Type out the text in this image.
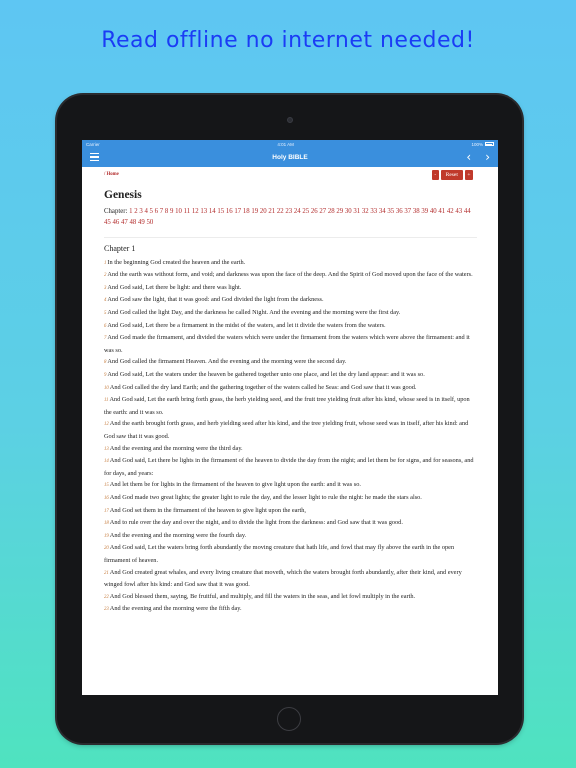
Read offline no internet needed!
Carrier	4:01 AM	100%
Holy BIBLE	‹ ›
/ Home	-	Reset	+
Genesis
Chapter: 1 2 3 4 5 6 7 8 9 10 11 12 13 14 15 16 17 18 19 20 21 22 23 24 25 26 27 28 29 30 31 32 33 34 35 36 37 38 39 40 41 42 43 44 45 46 47 48 49 50
Chapter 1
1In the beginning God created the heaven and the earth.
2And the earth was without form, and void; and darkness was upon the face of the deep. And the Spirit of God moved upon the face of the waters.
3And God said, Let there be light: and there was light.
4And God saw the light, that it was good: and God divided the light from the darkness.
5And God called the light Day, and the darkness he called Night. And the evening and the morning were the first day.
6And God said, Let there be a firmament in the midst of the waters, and let it divide the waters from the waters.
7And God made the firmament, and divided the waters which were under the firmament from the waters which were above the firmament: and it was so.
8And God called the firmament Heaven. And the evening and the morning were the second day.
9And God said, Let the waters under the heaven be gathered together unto one place, and let the dry land appear: and it was so.
10And God called the dry land Earth; and the gathering together of the waters called he Seas: and God saw that it was good.
11And God said, Let the earth bring forth grass, the herb yielding seed, and the fruit tree yielding fruit after his kind, whose seed is in itself, upon the earth: and it was so.
12And the earth brought forth grass, and herb yielding seed after his kind, and the tree yielding fruit, whose seed was in itself, after his kind: and God saw that it was good.
13And the evening and the morning were the third day.
14And God said, Let there be lights in the firmament of the heaven to divide the day from the night; and let them be for signs, and for seasons, and for days, and years:
15And let them be for lights in the firmament of the heaven to give light upon the earth: and it was so.
16And God made two great lights; the greater light to rule the day, and the lesser light to rule the night: he made the stars also.
17And God set them in the firmament of the heaven to give light upon the earth,
18And to rule over the day and over the night, and to divide the light from the darkness: and God saw that it was good.
19And the evening and the morning were the fourth day.
20And God said, Let the waters bring forth abundantly the moving creature that hath life, and fowl that may fly above the earth in the open firmament of heaven.
21And God created great whales, and every living creature that moveth, which the waters brought forth abundantly, after their kind, and every winged fowl after his kind: and God saw that it was good.
22And God blessed them, saying, Be fruitful, and multiply, and fill the waters in the seas, and let fowl multiply in the earth.
23And the evening and the morning were the fifth day.
